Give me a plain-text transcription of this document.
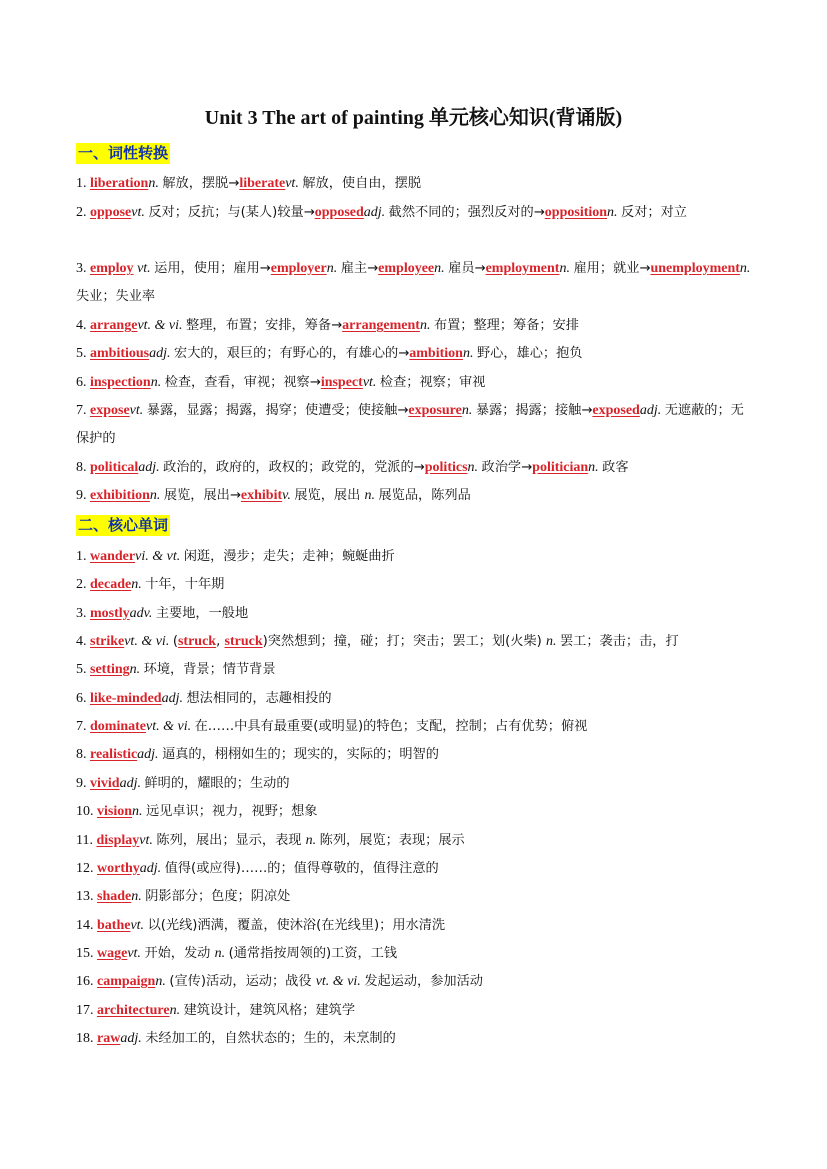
Unit 3 The art of painting 单元核心知识(背诵版)
一、词性转换
1. liberationn. 解放，摆脱→liberatevt. 解放，使自由，摆脱
2. opposevt. 反对；反抗；与(某人)较量→opposedadj. 截然不同的；强烈反对的→oppositionn. 反对；对立
3. employ vt. 运用，使用；雇用→employern. 雇主→employeen. 雇员→employmentn. 雇用；就业→unemploymentn. 失业；失业率
4. arrangevt. & vi. 整理，布置；安排，筹备→arrangementn. 布置；整理；筹备；安排
5. ambitiousadj. 宏大的，艰巨的；有野心的，有雄心的→ambitionn. 野心，雄心；抱负
6. inspectionn. 检查，查看，审视；视察→inspectvt. 检查；视察；审视
7. exposevt. 暴露，显露；揭露，揭穿；使遭受；使接触→exposuren. 暴露；揭露；接触→exposedadj. 无遮蔽的；无保护的
8. politicaladj. 政治的，政府的，政权的；政党的，党派的→politicsn. 政治学→politiciann. 政客
9. exhibitionn. 展览，展出→exhibitv. 展览，展出 n. 展览品，陈列品
二、核心单词
1. wandervi. & vt. 闲逛，漫步；走失；走神；蜿蜒曲折
2. decaden. 十年，十年期
3. mostlyadv. 主要地，一般地
4. strikevt. & vi. (struck, struck)突然想到；撞，碰；打；突击；罢工；划(火柴) n. 罢工；袭击；击，打
5. settingn. 环境，背景；情节背景
6. like-mindedadj. 想法相同的，志趣相投的
7. dominatevt. & vi. 在……中具有最重要(或明显)的特色；支配，控制；占有优势；俯视
8. realisticadj. 逼真的，栩栩如生的；现实的，实际的；明智的
9. vividadj. 鲜明的，耀眼的；生动的
10. visionn. 远见卓识；视力，视野；想象
11. displayvt. 陈列，展出；显示，表现 n. 陈列，展览；表现；展示
12. worthyadj. 值得(或应得)……的；值得尊敬的，值得注意的
13. shaden. 阴影部分；色度；阴凉处
14. bathevt. 以(光线)洒满，覆盖，使沐浴(在光线里)；用水清洗
15. wagevt. 开始，发动 n. (通常指按周领的)工资，工钱
16. campaignn. (宣传)活动，运动；战役 vt. & vi. 发起运动，参加活动
17. architecturen. 建筑设计，建筑风格；建筑学
18. rawadj. 未经加工的，自然状态的；生的，未烹制的
